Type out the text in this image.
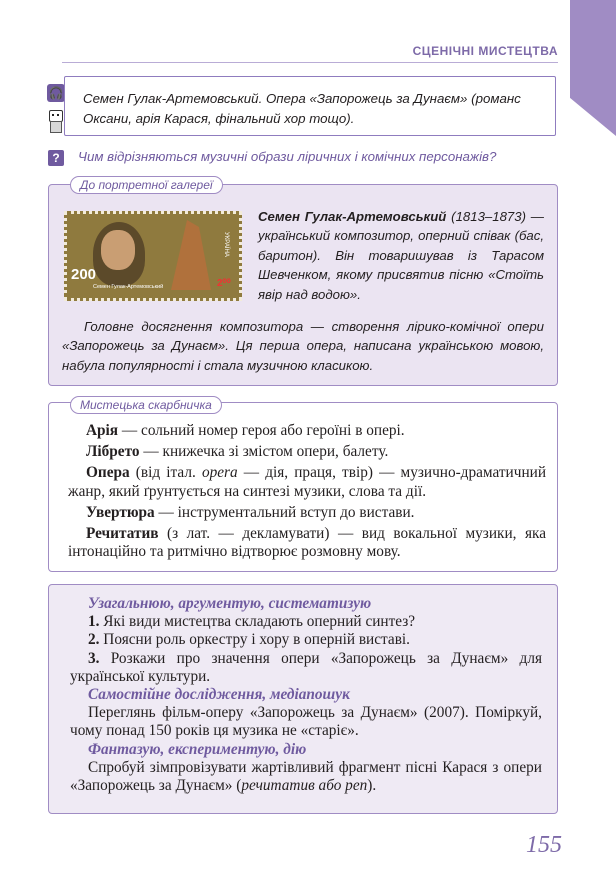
СЦЕНІЧНІ МИСТЕЦТВА
🎧	Семен Гулак-Артемовський. Опера «Запорожець за Дунаєм» (романс Оксани, арія Карася, фінальний хор тощо).
?	Чим відрізняються музичні образи ліричних і комічних персонажів?
До портретної галереї
200
2⁰⁰
УКРАЇНА
Семен Гулак-Артемовський
Семен Гулак-Артемовський (1813–1873) — український композитор, оперний співак (бас, баритон). Він товаришував із Тарасом Шевченком, якому присвятив пісню «Стоїть явір над водою».
Головне досягнення композитора — створення лірико-комічної опери «Запорожець за Дунаєм». Ця перша опера, написана українською мовою, набула популярності і стала музичною класикою.
Мистецька скарбничка

Арія — сольний номер героя або героїні в опері.

Лібрето — книжечка зі змістом опери, балету.

Опера (від італ. opera — дія, праця, твір) — музично-драматичний жанр, який ґрунтується на синтезі музики, слова та дії.

Увертюра — інструментальний вступ до вистави.

Речитатив (з лат. — декламувати) — вид вокальної музики, яка інтонаційно та ритмічно відтворює розмовну мову.

Узагальнюю, аргументую, систематизую

1. Які види мистецтва складають оперний синтез?

2. Поясни роль оркестру і хору в оперній виставі.

3. Розкажи про значення опери «Запорожець за Дунаєм» для української культури.

Самостійне дослідження, медіапошук

Переглянь фільм-оперу «Запорожець за Дунаєм» (2007). Поміркуй, чому понад 150 років ця музика не «старіє».

Фантазую, експериментую, дію

Спробуй зімпровізувати жартівливий фрагмент пісні Карася з опери «Запорожець за Дунаєм» (речитатив або реп).

155
